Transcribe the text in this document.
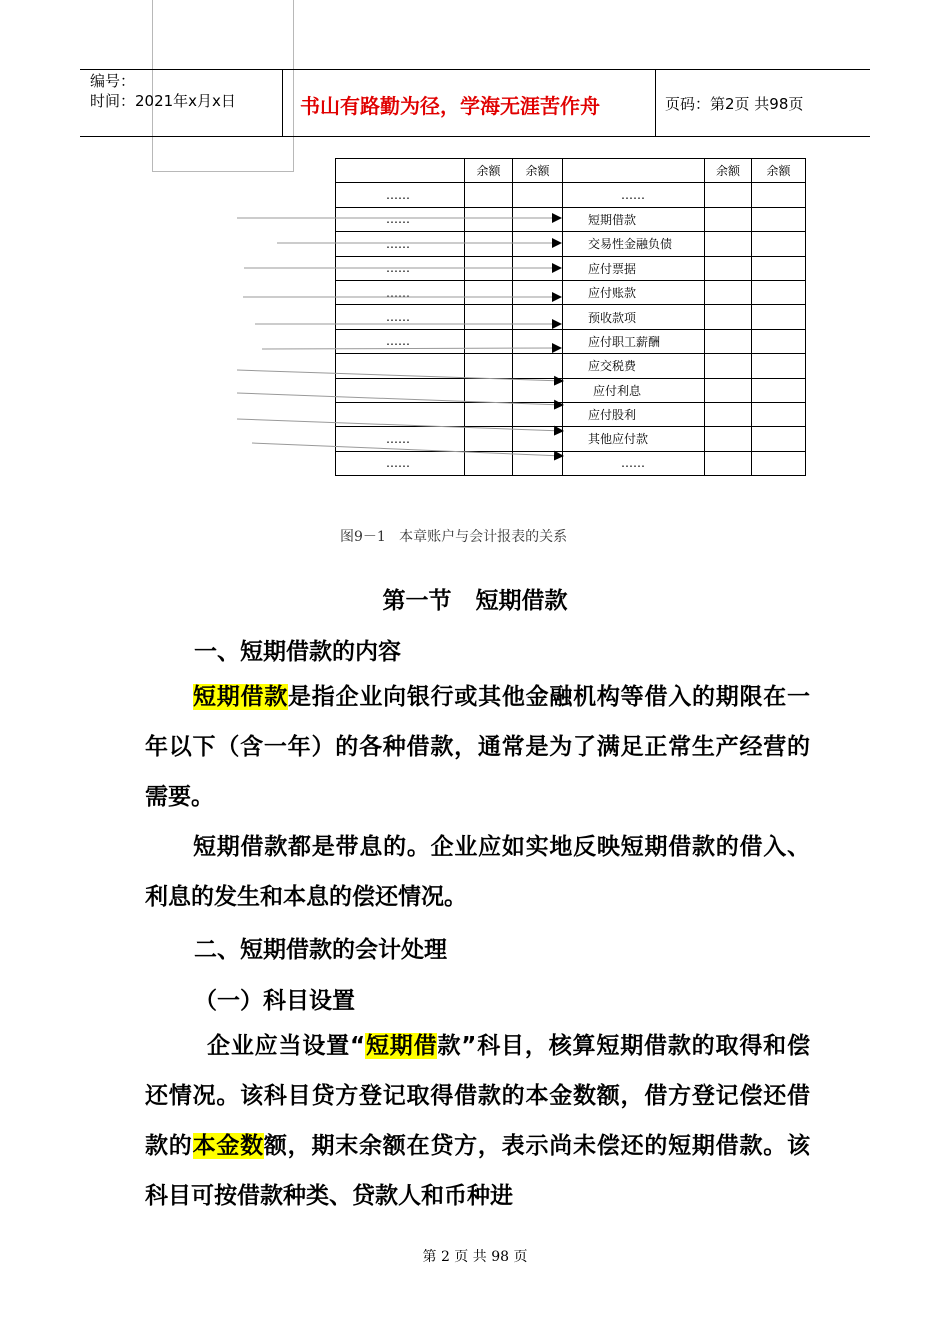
编号：
时间：2021年x月x日	书山有路勤为径，学海无涯苦作舟	页码：第2页 共98页
	余额	余额		余额	余额
……			……		
……			短期借款		
……			交易性金融负债		
……			应付票据		
……			应付账款		
……			预收款项		
……			应付职工薪酬		
			应交税费		
			应付利息		
			应付股利		
……			其他应付款		
……			……		
图9－1   本章账户与会计报表的关系
第一节   短期借款
一、短期借款的内容
短期借款是指企业向银行或其他金融机构等借入的期限在一年以下（含一年）的各种借款，通常是为了满足正常生产经营的需要。
短期借款都是带息的。企业应如实地反映短期借款的借入、利息的发生和本息的偿还情况。
二、短期借款的会计处理
（一）科目设置
企业应当设置“短期借款”科目，核算短期借款的取得和偿还情况。该科目贷方登记取得借款的本金数额，借方登记偿还借款的本金数额，期末余额在贷方，表示尚未偿还的短期借款。该科目可按借款种类、贷款人和币种进
第 2 页 共 98 页
